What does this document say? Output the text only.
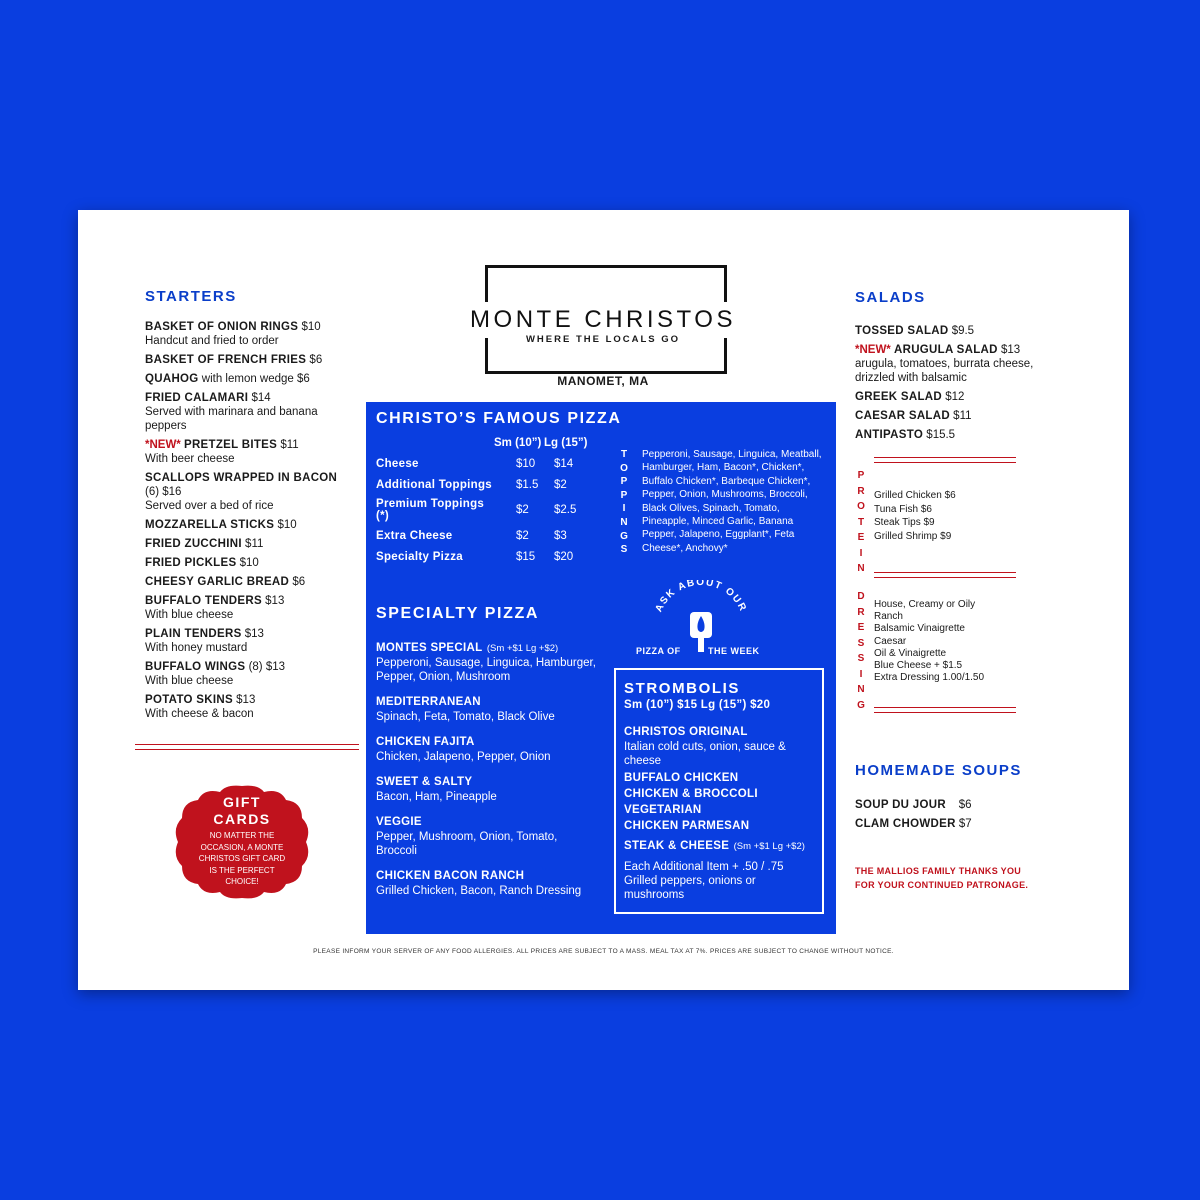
STARTERS
BASKET OF ONION RINGS $10
Handcut and fried to order
BASKET OF FRENCH FRIES $6
QUAHOG with lemon wedge $6
FRIED CALAMARI $14
Served with marinara and banana peppers
*NEW* PRETZEL BITES $11
With beer cheese
SCALLOPS WRAPPED IN BACON (6) $16
Served over a bed of rice
MOZZARELLA STICKS $10
FRIED ZUCCHINI $11
FRIED PICKLES $10
CHEESY GARLIC BREAD $6
BUFFALO TENDERS $13
With blue cheese
PLAIN TENDERS $13
With honey mustard
BUFFALO WINGS (8) $13
With blue cheese
POTATO SKINS $13
With cheese & bacon
GIFT
CARDS
NO MATTER THE OCCASION, A MONTE CHRISTOS GIFT CARD IS THE PERFECT CHOICE!
MONTE CHRISTOS
WHERE THE LOCALS GO
MANOMET, MA
CHRISTO’S FAMOUS PIZZA
	Sm (10”)	Lg (15”)
Cheese	$10	$14
Additional Toppings	$1.5	$2
Premium Toppings (*)	$2	$2.5
Extra Cheese	$2	$3
Specialty Pizza	$15	$20
T
O
P
P
I
N
G
S
Pepperoni, Sausage, Linguica, Meatball, Hamburger, Ham, Bacon*, Chicken*, Buffalo Chicken*, Barbeque Chicken*, Pepper, Onion, Mushrooms, Broccoli, Black Olives, Spinach, Tomato, Pineapple, Minced Garlic, Banana Pepper, Jalapeno, Eggplant*, Feta Cheese*, Anchovy*
SPECIALTY PIZZA
MONTES SPECIAL (Sm +$1 Lg +$2)
Pepperoni, Sausage, Linguica, Hamburger, Pepper, Onion, Mushroom
MEDITERRANEAN
Spinach, Feta, Tomato, Black Olive
CHICKEN FAJITA
Chicken, Jalapeno, Pepper, Onion
SWEET & SALTY
Bacon, Ham, Pineapple
VEGGIE
Pepper, Mushroom, Onion, Tomato, Broccoli
CHICKEN BACON RANCH
Grilled Chicken, Bacon, Ranch Dressing
ASK ABOUT OUR
PIZZA OF	THE WEEK
STROMBOLIS
Sm (10”) $15 Lg (15”) $20
CHRISTOS ORIGINAL
Italian cold cuts, onion, sauce & cheese
BUFFALO CHICKEN
CHICKEN & BROCCOLI
VEGETARIAN
CHICKEN PARMESAN
STEAK & CHEESE (Sm +$1 Lg +$2)
Each Additional Item + .50 / .75 Grilled peppers, onions or mushrooms
SALADS
TOSSED SALAD $9.5
*NEW* ARUGULA SALAD $13
arugula, tomatoes, burrata cheese, drizzled with balsamic
GREEK SALAD $12
CAESAR SALAD $11
ANTIPASTO $15.5
P
R
O
T
E
I
N
Grilled Chicken $6
Tuna Fish $6
Steak Tips $9
Grilled Shrimp $9
D
R
E
S
S
I
N
G
House, Creamy or Oily
Ranch
Balsamic Vinaigrette
Caesar
Oil & Vinaigrette
Blue Cheese + $1.5
Extra Dressing 1.00/1.50
HOMEMADE SOUPS
SOUP DU JOUR $6
CLAM CHOWDER $7
THE MALLIOS FAMILY THANKS YOU
FOR YOUR CONTINUED PATRONAGE.
PLEASE INFORM YOUR SERVER OF ANY FOOD ALLERGIES. ALL PRICES ARE SUBJECT TO A MASS. MEAL TAX AT 7%. PRICES ARE SUBJECT TO CHANGE WITHOUT NOTICE.
